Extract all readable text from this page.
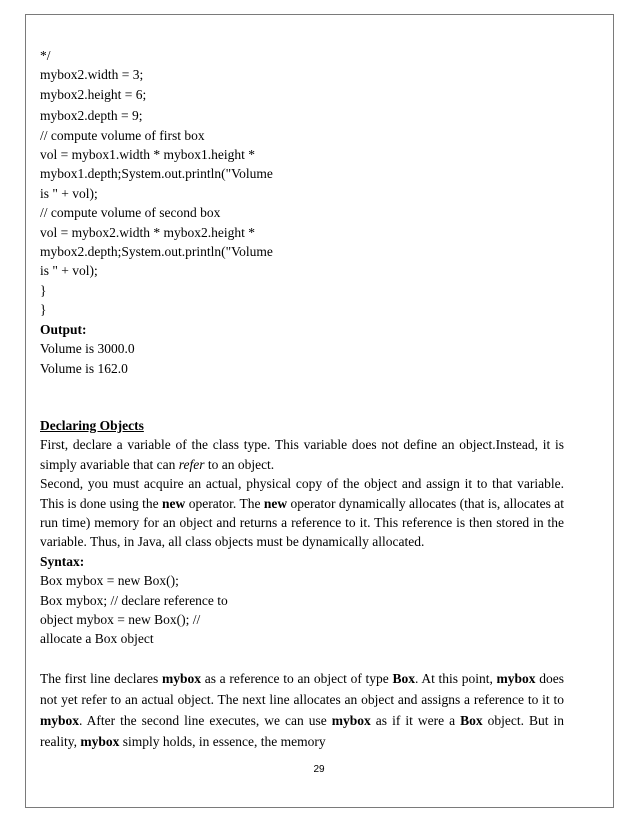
*/
mybox2.width = 3;
mybox2.height = 6;
mybox2.depth = 9;
// compute volume of first box
vol = mybox1.width * mybox1.height *
mybox1.depth;System.out.println("Volume
is " + vol);
// compute volume of second box
vol = mybox2.width * mybox2.height *
mybox2.depth;System.out.println("Volume
is " + vol);
}
}
Output:
Volume is 3000.0
Volume is 162.0
Declaring Objects

First, declare a variable of the class type. This variable does not define an object.Instead, it is simply avariable that can refer to an object.

Second, you must acquire an actual, physical copy of the object and assign it to that variable. This is done using the new operator. The new operator dynamically allocates (that is, allocates at run time) memory for an object and returns a reference to it. This reference is then stored in the variable. Thus, in Java, all class objects must be dynamically allocated.

Syntax:
Box mybox = new Box();
Box mybox; // declare reference to
object mybox = new Box(); //
allocate a Box object

The first line declares mybox as a reference to an object of type Box. At this point, mybox does not yet refer to an actual object. The next line allocates an object and assigns a reference to it to mybox. After the second line executes, we can use mybox as if it were a Box object. But in reality, mybox simply holds, in essence, the memory

29
